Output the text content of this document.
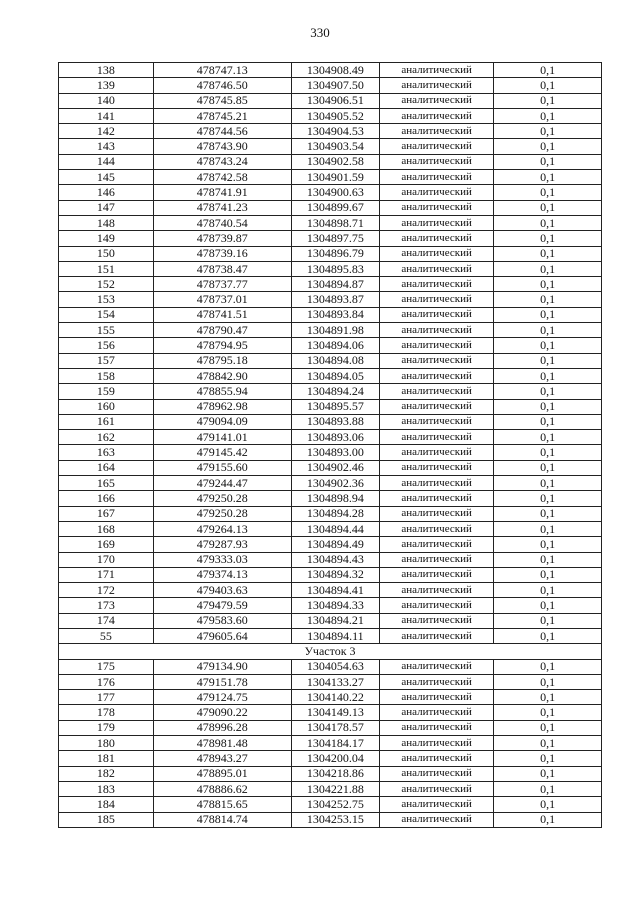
330
138	478747.13	1304908.49	аналитический	0,1
139	478746.50	1304907.50	аналитический	0,1
140	478745.85	1304906.51	аналитический	0,1
141	478745.21	1304905.52	аналитический	0,1
142	478744.56	1304904.53	аналитический	0,1
143	478743.90	1304903.54	аналитический	0,1
144	478743.24	1304902.58	аналитический	0,1
145	478742.58	1304901.59	аналитический	0,1
146	478741.91	1304900.63	аналитический	0,1
147	478741.23	1304899.67	аналитический	0,1
148	478740.54	1304898.71	аналитический	0,1
149	478739.87	1304897.75	аналитический	0,1
150	478739.16	1304896.79	аналитический	0,1
151	478738.47	1304895.83	аналитический	0,1
152	478737.77	1304894.87	аналитический	0,1
153	478737.01	1304893.87	аналитический	0,1
154	478741.51	1304893.84	аналитический	0,1
155	478790.47	1304891.98	аналитический	0,1
156	478794.95	1304894.06	аналитический	0,1
157	478795.18	1304894.08	аналитический	0,1
158	478842.90	1304894.05	аналитический	0,1
159	478855.94	1304894.24	аналитический	0,1
160	478962.98	1304895.57	аналитический	0,1
161	479094.09	1304893.88	аналитический	0,1
162	479141.01	1304893.06	аналитический	0,1
163	479145.42	1304893.00	аналитический	0,1
164	479155.60	1304902.46	аналитический	0,1
165	479244.47	1304902.36	аналитический	0,1
166	479250.28	1304898.94	аналитический	0,1
167	479250.28	1304894.28	аналитический	0,1
168	479264.13	1304894.44	аналитический	0,1
169	479287.93	1304894.49	аналитический	0,1
170	479333.03	1304894.43	аналитический	0,1
171	479374.13	1304894.32	аналитический	0,1
172	479403.63	1304894.41	аналитический	0,1
173	479479.59	1304894.33	аналитический	0,1
174	479583.60	1304894.21	аналитический	0,1
55	479605.64	1304894.11	аналитический	0,1
Участок 3				
175	479134.90	1304054.63	аналитический	0,1
176	479151.78	1304133.27	аналитический	0,1
177	479124.75	1304140.22	аналитический	0,1
178	479090.22	1304149.13	аналитический	0,1
179	478996.28	1304178.57	аналитический	0,1
180	478981.48	1304184.17	аналитический	0,1
181	478943.27	1304200.04	аналитический	0,1
182	478895.01	1304218.86	аналитический	0,1
183	478886.62	1304221.88	аналитический	0,1
184	478815.65	1304252.75	аналитический	0,1
185	478814.74	1304253.15	аналитический	0,1
